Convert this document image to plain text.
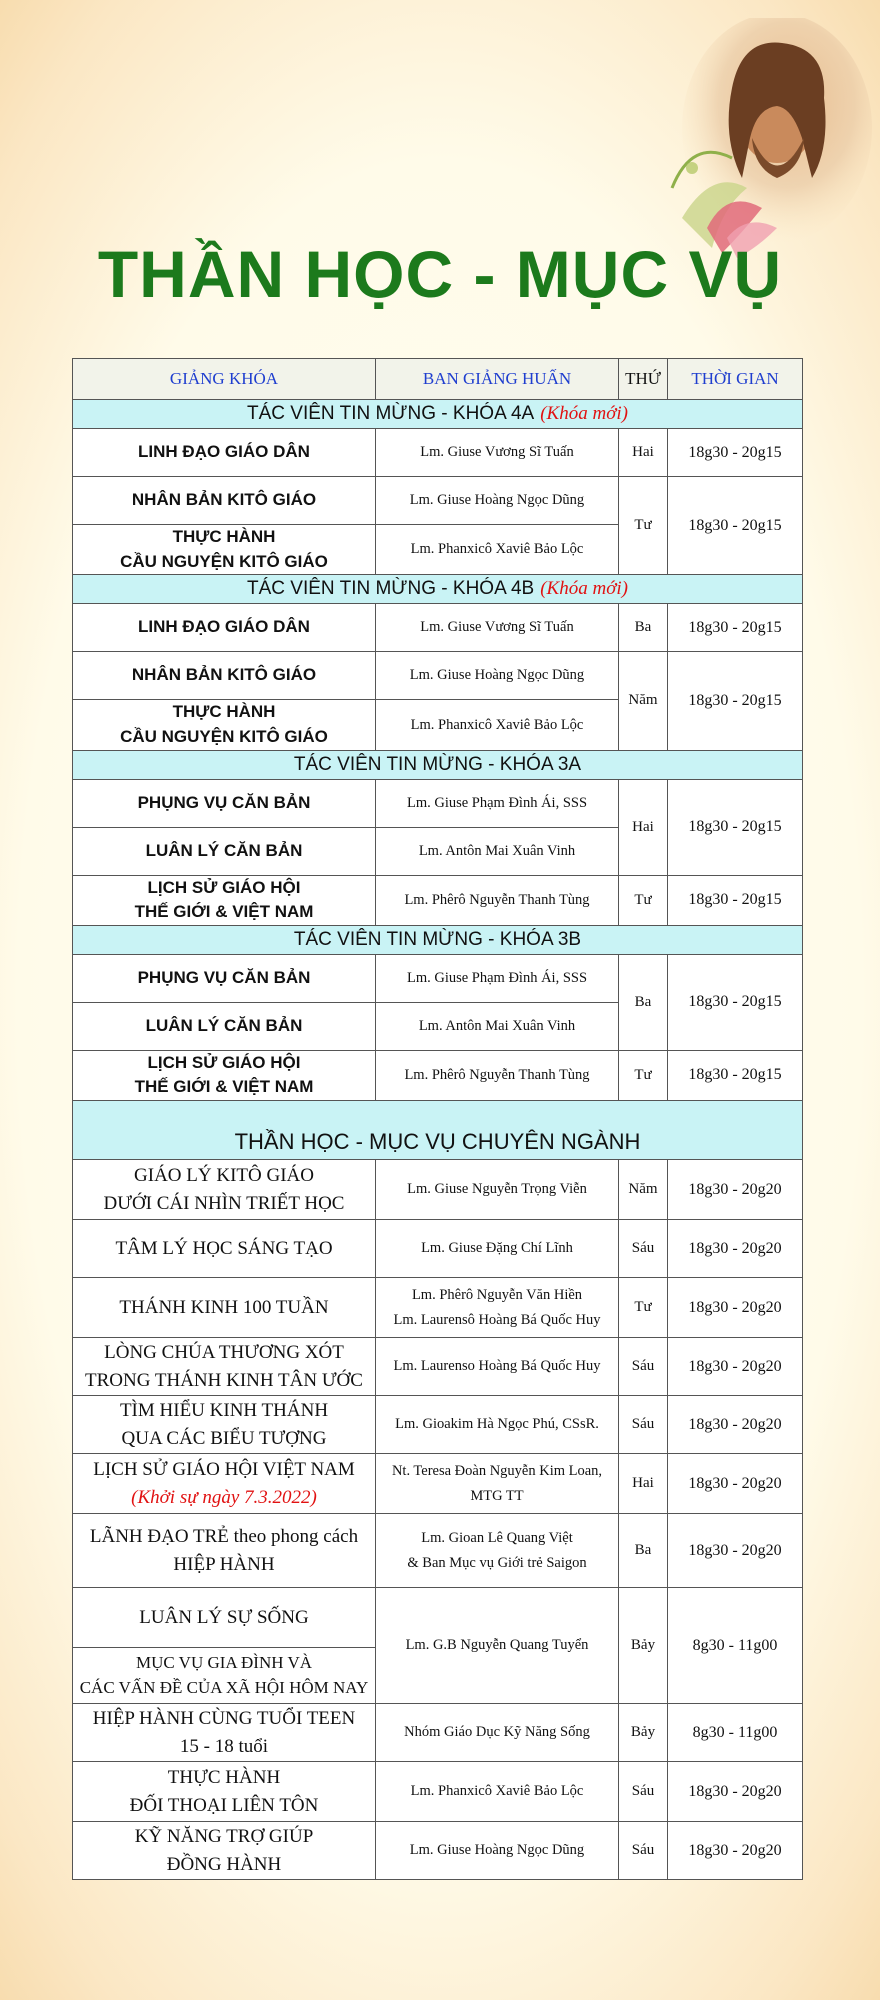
THẦN HỌC - MỤC VỤ
GIẢNG KHÓA	BAN GIẢNG HUẤN	THỨ	THỜI GIAN
TÁC VIÊN TIN MỪNG - KHÓA 4A (Khóa mới)			
LINH ĐẠO GIÁO DÂN	Lm. Giuse Vương Sĩ Tuấn	Hai	18g30 - 20g15
NHÂN BẢN KITÔ GIÁO	Lm. Giuse Hoàng Ngọc Dũng	Tư	18g30 - 20g15
THỰC HÀNH
CẦU NGUYỆN KITÔ GIÁO	Lm. Phanxicô Xaviê Bảo Lộc		
TÁC VIÊN TIN MỪNG - KHÓA 4B (Khóa mới)			
LINH ĐẠO GIÁO DÂN	Lm. Giuse Vương Sĩ Tuấn	Ba	18g30 - 20g15
NHÂN BẢN KITÔ GIÁO	Lm. Giuse Hoàng Ngọc Dũng	Năm	18g30 - 20g15
THỰC HÀNH
CẦU NGUYỆN KITÔ GIÁO	Lm. Phanxicô Xaviê Bảo Lộc		
TÁC VIÊN TIN MỪNG - KHÓA 3A			
PHỤNG VỤ CĂN BẢN	Lm. Giuse Phạm Đình Ái, SSS	Hai	18g30 - 20g15
LUÂN LÝ CĂN BẢN	Lm. Antôn Mai Xuân Vinh		
LỊCH SỬ GIÁO HỘI
THẾ GIỚI & VIỆT NAM	Lm. Phêrô Nguyễn Thanh Tùng	Tư	18g30 - 20g15
TÁC VIÊN TIN MỪNG - KHÓA 3B			
PHỤNG VỤ CĂN BẢN	Lm. Giuse Phạm Đình Ái, SSS	Ba	18g30 - 20g15
LUÂN LÝ CĂN BẢN	Lm. Antôn Mai Xuân Vinh		
LỊCH SỬ GIÁO HỘI
THẾ GIỚI & VIỆT NAM	Lm. Phêrô Nguyễn Thanh Tùng	Tư	18g30 - 20g15
THẦN HỌC - MỤC VỤ CHUYÊN NGÀNH			
GIÁO LÝ KITÔ GIÁO
DƯỚI CÁI NHÌN TRIẾT HỌC	Lm. Giuse Nguyễn Trọng Viễn	Năm	18g30 - 20g20
TÂM LÝ HỌC SÁNG TẠO	Lm. Giuse Đặng Chí Lĩnh	Sáu	18g30 - 20g20
THÁNH KINH 100 TUẦN	Lm. Phêrô Nguyễn Văn Hiền
Lm. Laurensô Hoàng Bá Quốc Huy	Tư	18g30 - 20g20
LÒNG CHÚA THƯƠNG XÓT
TRONG THÁNH KINH TÂN ƯỚC	Lm. Laurenso Hoàng Bá Quốc Huy	Sáu	18g30 - 20g20
TÌM HIỂU KINH THÁNH
QUA CÁC BIỂU TƯỢNG	Lm. Gioakim Hà Ngọc Phú, CSsR.	Sáu	18g30 - 20g20
LỊCH SỬ GIÁO HỘI VIỆT NAM
(Khởi sự ngày 7.3.2022)	Nt. Teresa Đoàn Nguyễn Kim Loan,
MTG TT	Hai	18g30 - 20g20
LÃNH ĐẠO TRẺ theo phong cách
HIỆP HÀNH	Lm. Gioan Lê Quang Việt
& Ban Mục vụ Giới trẻ Saigon	Ba	18g30 - 20g20
LUÂN LÝ SỰ SỐNG	Lm. G.B Nguyễn Quang Tuyển	Bảy	8g30 - 11g00
MỤC VỤ GIA ĐÌNH VÀ
CÁC VẤN ĐỀ CỦA XÃ HỘI HÔM NAY			
HIỆP HÀNH CÙNG TUỔI TEEN
15 - 18 tuổi	Nhóm Giáo Dục Kỹ Năng Sống	Bảy	8g30 - 11g00
THỰC HÀNH
ĐỐI THOẠI LIÊN TÔN	Lm. Phanxicô Xaviê Bảo Lộc	Sáu	18g30 - 20g20
KỸ NĂNG TRỢ GIÚP
ĐỒNG HÀNH	Lm. Giuse Hoàng Ngọc Dũng	Sáu	18g30 - 20g20
